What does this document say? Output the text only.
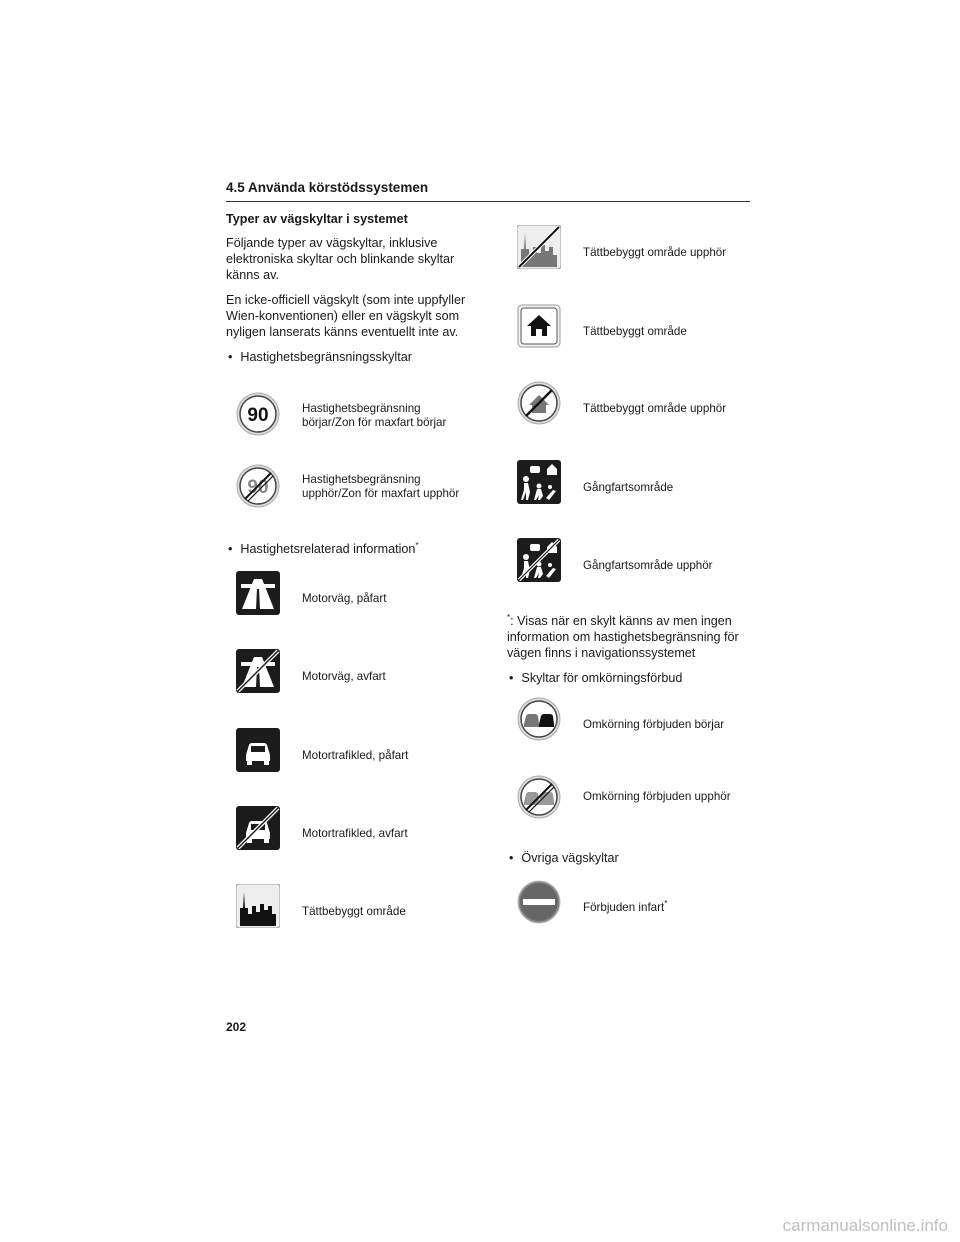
4.5 Använda körstödssystemen
Typer av vägskyltar i systemet

Följande typer av vägskyltar, inklusive elektroniska skyltar och blinkande skyltar känns av.

En icke-officiell vägskylt (som inte uppfyller Wien-konventionen) eller en vägskylt som nyligen lanserats känns eventuellt inte av.

• Hastighetsbegränsningsskyltar
90	Hastighetsbegränsning börjar/Zon för maxfart börjar
90	Hastighetsbegränsning upphör/Zon för maxfart upphör
• Hastighetsrelaterad information*
Motorväg, påfart
Motorväg, avfart
Motortrafikled, påfart
Motortrafikled, avfart
Tättbebyggt område
Tättbebyggt område upphör
Tättbebyggt område
Tättbebyggt område upphör
Gångfartsområde
Gångfartsområde upphör

*: Visas när en skylt känns av men ingen information om hastighetsbegränsning för vägen finns i navigationssystemet

• Skyltar för omkörningsförbud
Omkörning förbjuden börjar
Omkörning förbjuden upphör
• Övriga vägskyltar
Förbjuden infart*
202
carmanualsonline.info
